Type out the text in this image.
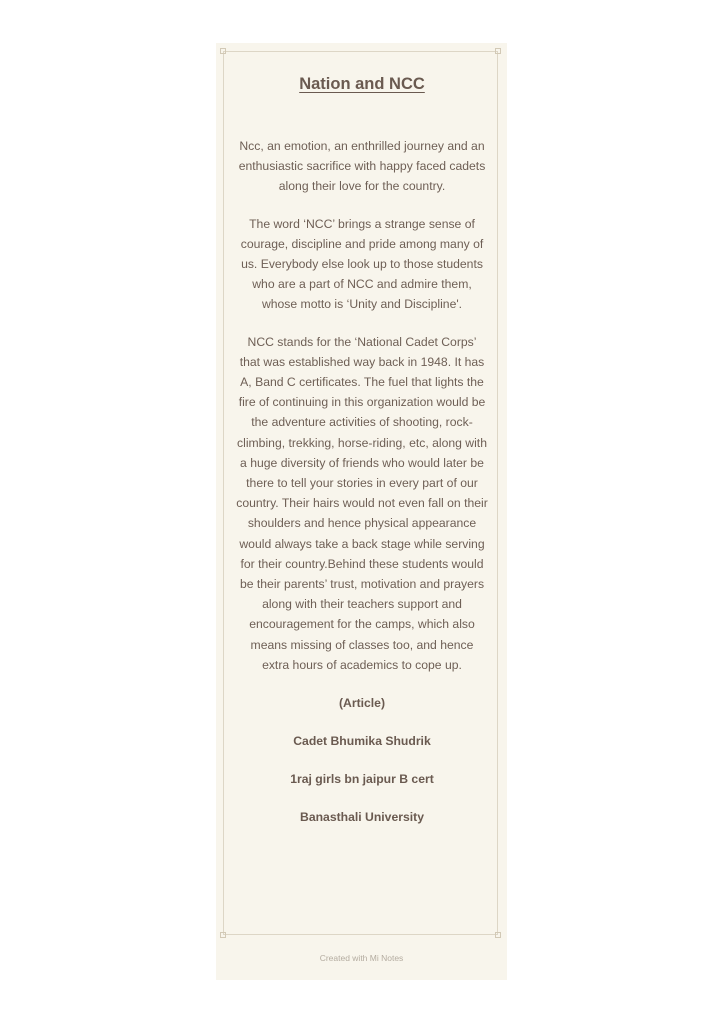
Nation and NCC

Ncc, an emotion, an enthrilled journey and an enthusiastic sacrifice with happy faced cadets along their love for the country.

The word ‘NCC’ brings a strange sense of courage, discipline and pride among many of us. Everybody else look up to those students who are a part of NCC and admire them, whose motto is ‘Unity and Discipline'.

NCC stands for the ‘National Cadet Corps’ that was established way back in 1948. It has A, Band C certificates. The fuel that lights the fire of continuing in this organization would be the adventure activities of shooting, rock-climbing, trekking, horse-riding, etc, along with a huge diversity of friends who would later be there to tell your stories in every part of our country. Their hairs would not even fall on their shoulders and hence physical appearance would always take a back stage while serving for their country.Behind these students would be their parents’ trust, motivation and prayers along with their teachers support and encouragement for the camps, which also means missing of classes too, and hence extra hours of academics to cope up.

(Article)

Cadet Bhumika Shudrik

1raj girls bn jaipur B cert

Banasthali University

Created with Mi Notes
